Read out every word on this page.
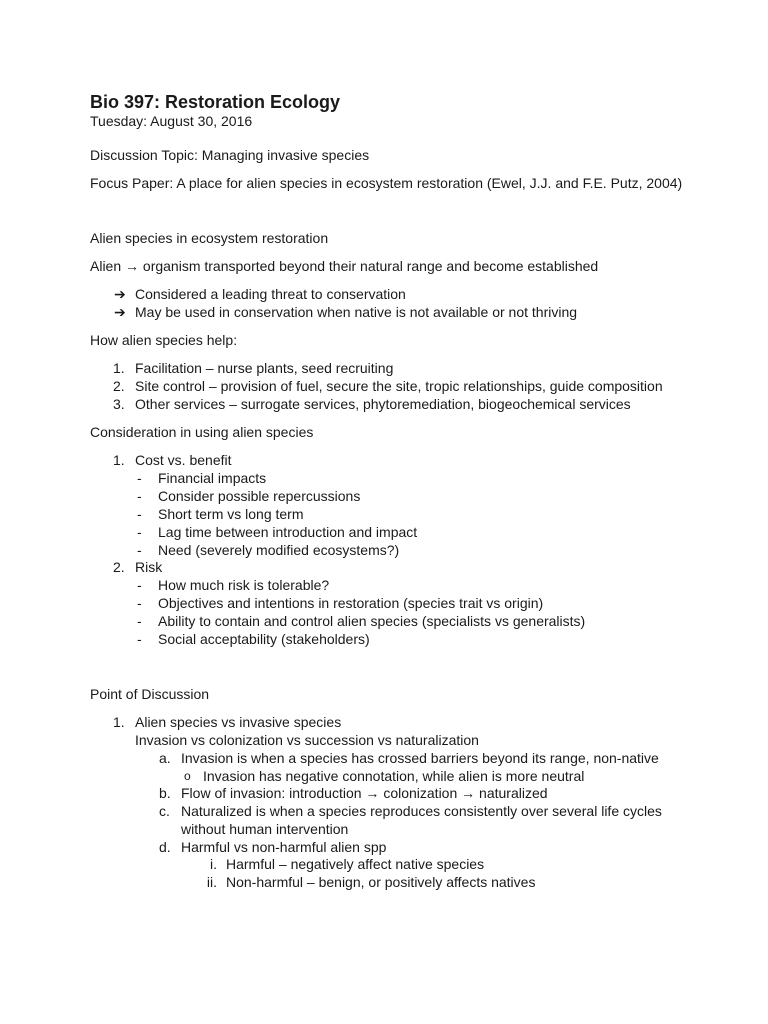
Bio 397: Restoration Ecology
Tuesday: August 30, 2016
Discussion Topic: Managing invasive species
Focus Paper: A place for alien species in ecosystem restoration (Ewel, J.J. and F.E. Putz, 2004)
Alien species in ecosystem restoration
Alien → organism transported beyond their natural range and become established
➔ Considered a leading threat to conservation
➔ May be used in conservation when native is not available or not thriving
How alien species help:
1. Facilitation – nurse plants, seed recruiting
2. Site control – provision of fuel, secure the site, tropic relationships, guide composition
3. Other services – surrogate services, phytoremediation, biogeochemical services
Consideration in using alien species
1. Cost vs. benefit
- Financial impacts
- Consider possible repercussions
- Short term vs long term
- Lag time between introduction and impact
- Need (severely modified ecosystems?)
2. Risk
- How much risk is tolerable?
- Objectives and intentions in restoration (species trait vs origin)
- Ability to contain and control alien species (specialists vs generalists)
- Social acceptability (stakeholders)
Point of Discussion
1. Alien species vs invasive species
Invasion vs colonization vs succession vs naturalization
a. Invasion is when a species has crossed barriers beyond its range, non-native
o Invasion has negative connotation, while alien is more neutral
b. Flow of invasion: introduction → colonization → naturalized
c. Naturalized is when a species reproduces consistently over several life cycles
without human intervention
d. Harmful vs non-harmful alien spp
i. Harmful – negatively affect native species
ii. Non-harmful – benign, or positively affects natives
